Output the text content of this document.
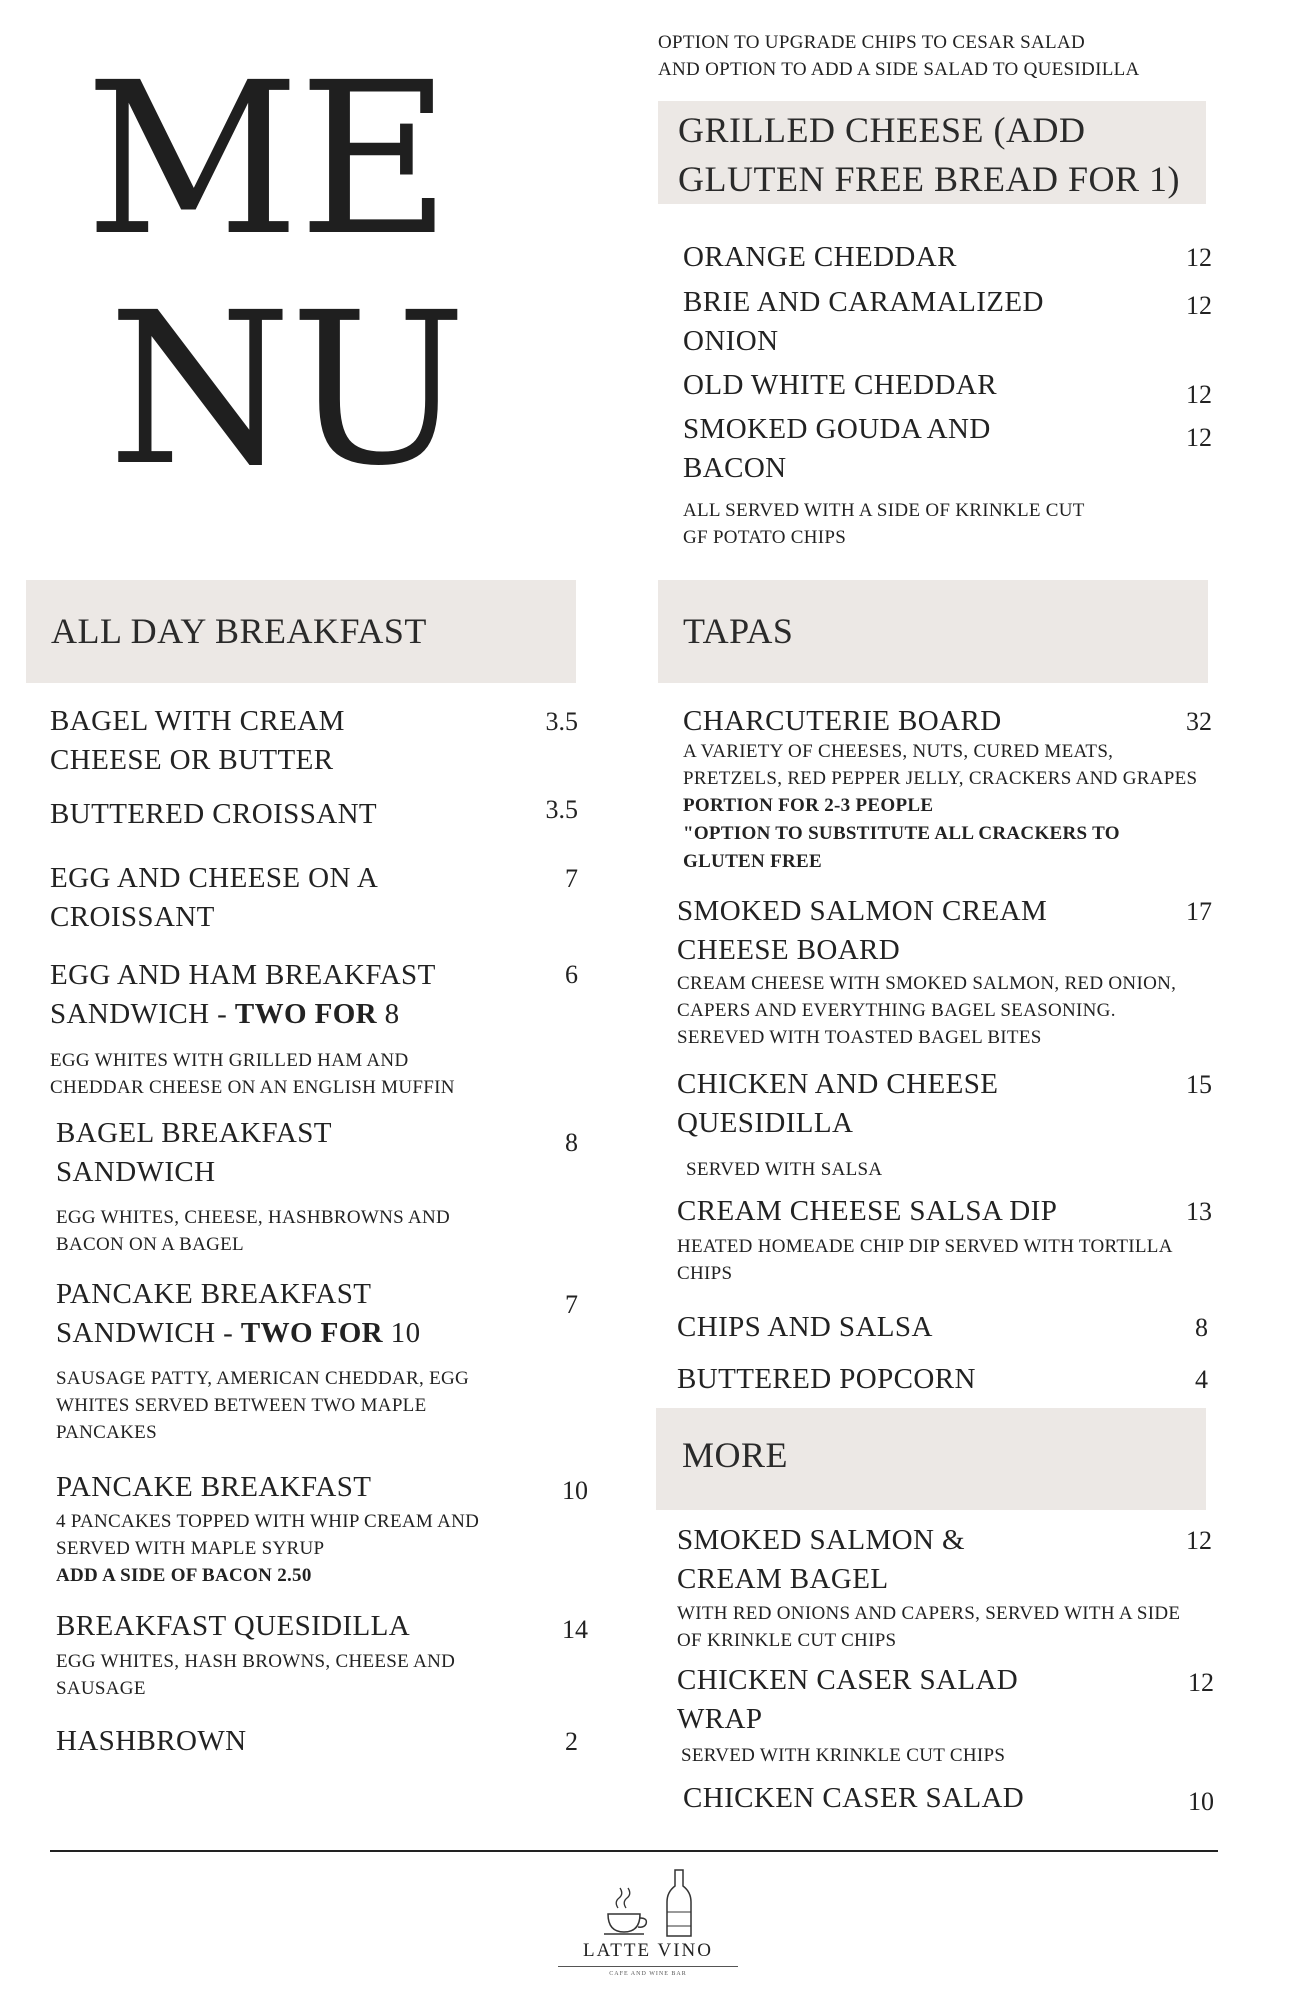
ME
NU
OPTION TO UPGRADE CHIPS TO CESAR SALAD
AND OPTION TO ADD A SIDE SALAD TO QUESIDILLA
GRILLED CHEESE (ADD
GLUTEN FREE BREAD FOR 1)
ORANGE CHEDDAR	12
BRIE AND CARAMALIZED
ONION
12
OLD WHITE CHEDDAR	12
SMOKED GOUDA AND
BACON
12
ALL SERVED WITH A SIDE OF KRINKLE CUT
GF POTATO CHIPS
ALL DAY BREAKFAST	TAPAS
BAGEL WITH CREAM
CHEESE OR BUTTER
3.5
BUTTERED CROISSANT	3.5
EGG AND CHEESE ON A
CROISSANT
7
EGG AND HAM BREAKFAST
SANDWICH - TWO FOR 8
6
EGG WHITES WITH GRILLED HAM AND
CHEDDAR CHEESE ON AN ENGLISH MUFFIN
BAGEL BREAKFAST
SANDWICH
8
EGG WHITES, CHEESE, HASHBROWNS AND
BACON ON A BAGEL
PANCAKE BREAKFAST
SANDWICH - TWO FOR 10
7
SAUSAGE PATTY, AMERICAN CHEDDAR, EGG
WHITES SERVED BETWEEN TWO MAPLE
PANCAKES
PANCAKE BREAKFAST	10
4 PANCAKES TOPPED WITH WHIP CREAM AND
SERVED WITH MAPLE SYRUP
ADD A SIDE OF BACON 2.50
BREAKFAST QUESIDILLA	14
EGG WHITES, HASH BROWNS, CHEESE AND
SAUSAGE
HASHBROWN	2
CHARCUTERIE BOARD	32
A VARIETY OF CHEESES, NUTS, CURED MEATS,
PRETZELS, RED PEPPER JELLY, CRACKERS AND GRAPES
PORTION FOR 2-3 PEOPLE
"OPTION TO SUBSTITUTE ALL CRACKERS TO
GLUTEN FREE
SMOKED SALMON CREAM
CHEESE BOARD
17
CREAM CHEESE WITH SMOKED SALMON, RED ONION,
CAPERS AND EVERYTHING BAGEL SEASONING.
SEREVED WITH TOASTED BAGEL BITES
CHICKEN AND CHEESE
QUESIDILLA
15
SERVED WITH SALSA
CREAM CHEESE SALSA DIP	13
HEATED HOMEADE CHIP DIP SERVED WITH TORTILLA
CHIPS
CHIPS AND SALSA	8
BUTTERED POPCORN	4
MORE
SMOKED SALMON &
CREAM BAGEL
12
WITH RED ONIONS AND CAPERS, SERVED WITH A SIDE
OF KRINKLE CUT CHIPS
CHICKEN CASER SALAD
WRAP
12
SERVED WITH KRINKLE CUT CHIPS
CHICKEN CASER SALAD	10
LATTE VINO
CAFE AND WINE BAR
